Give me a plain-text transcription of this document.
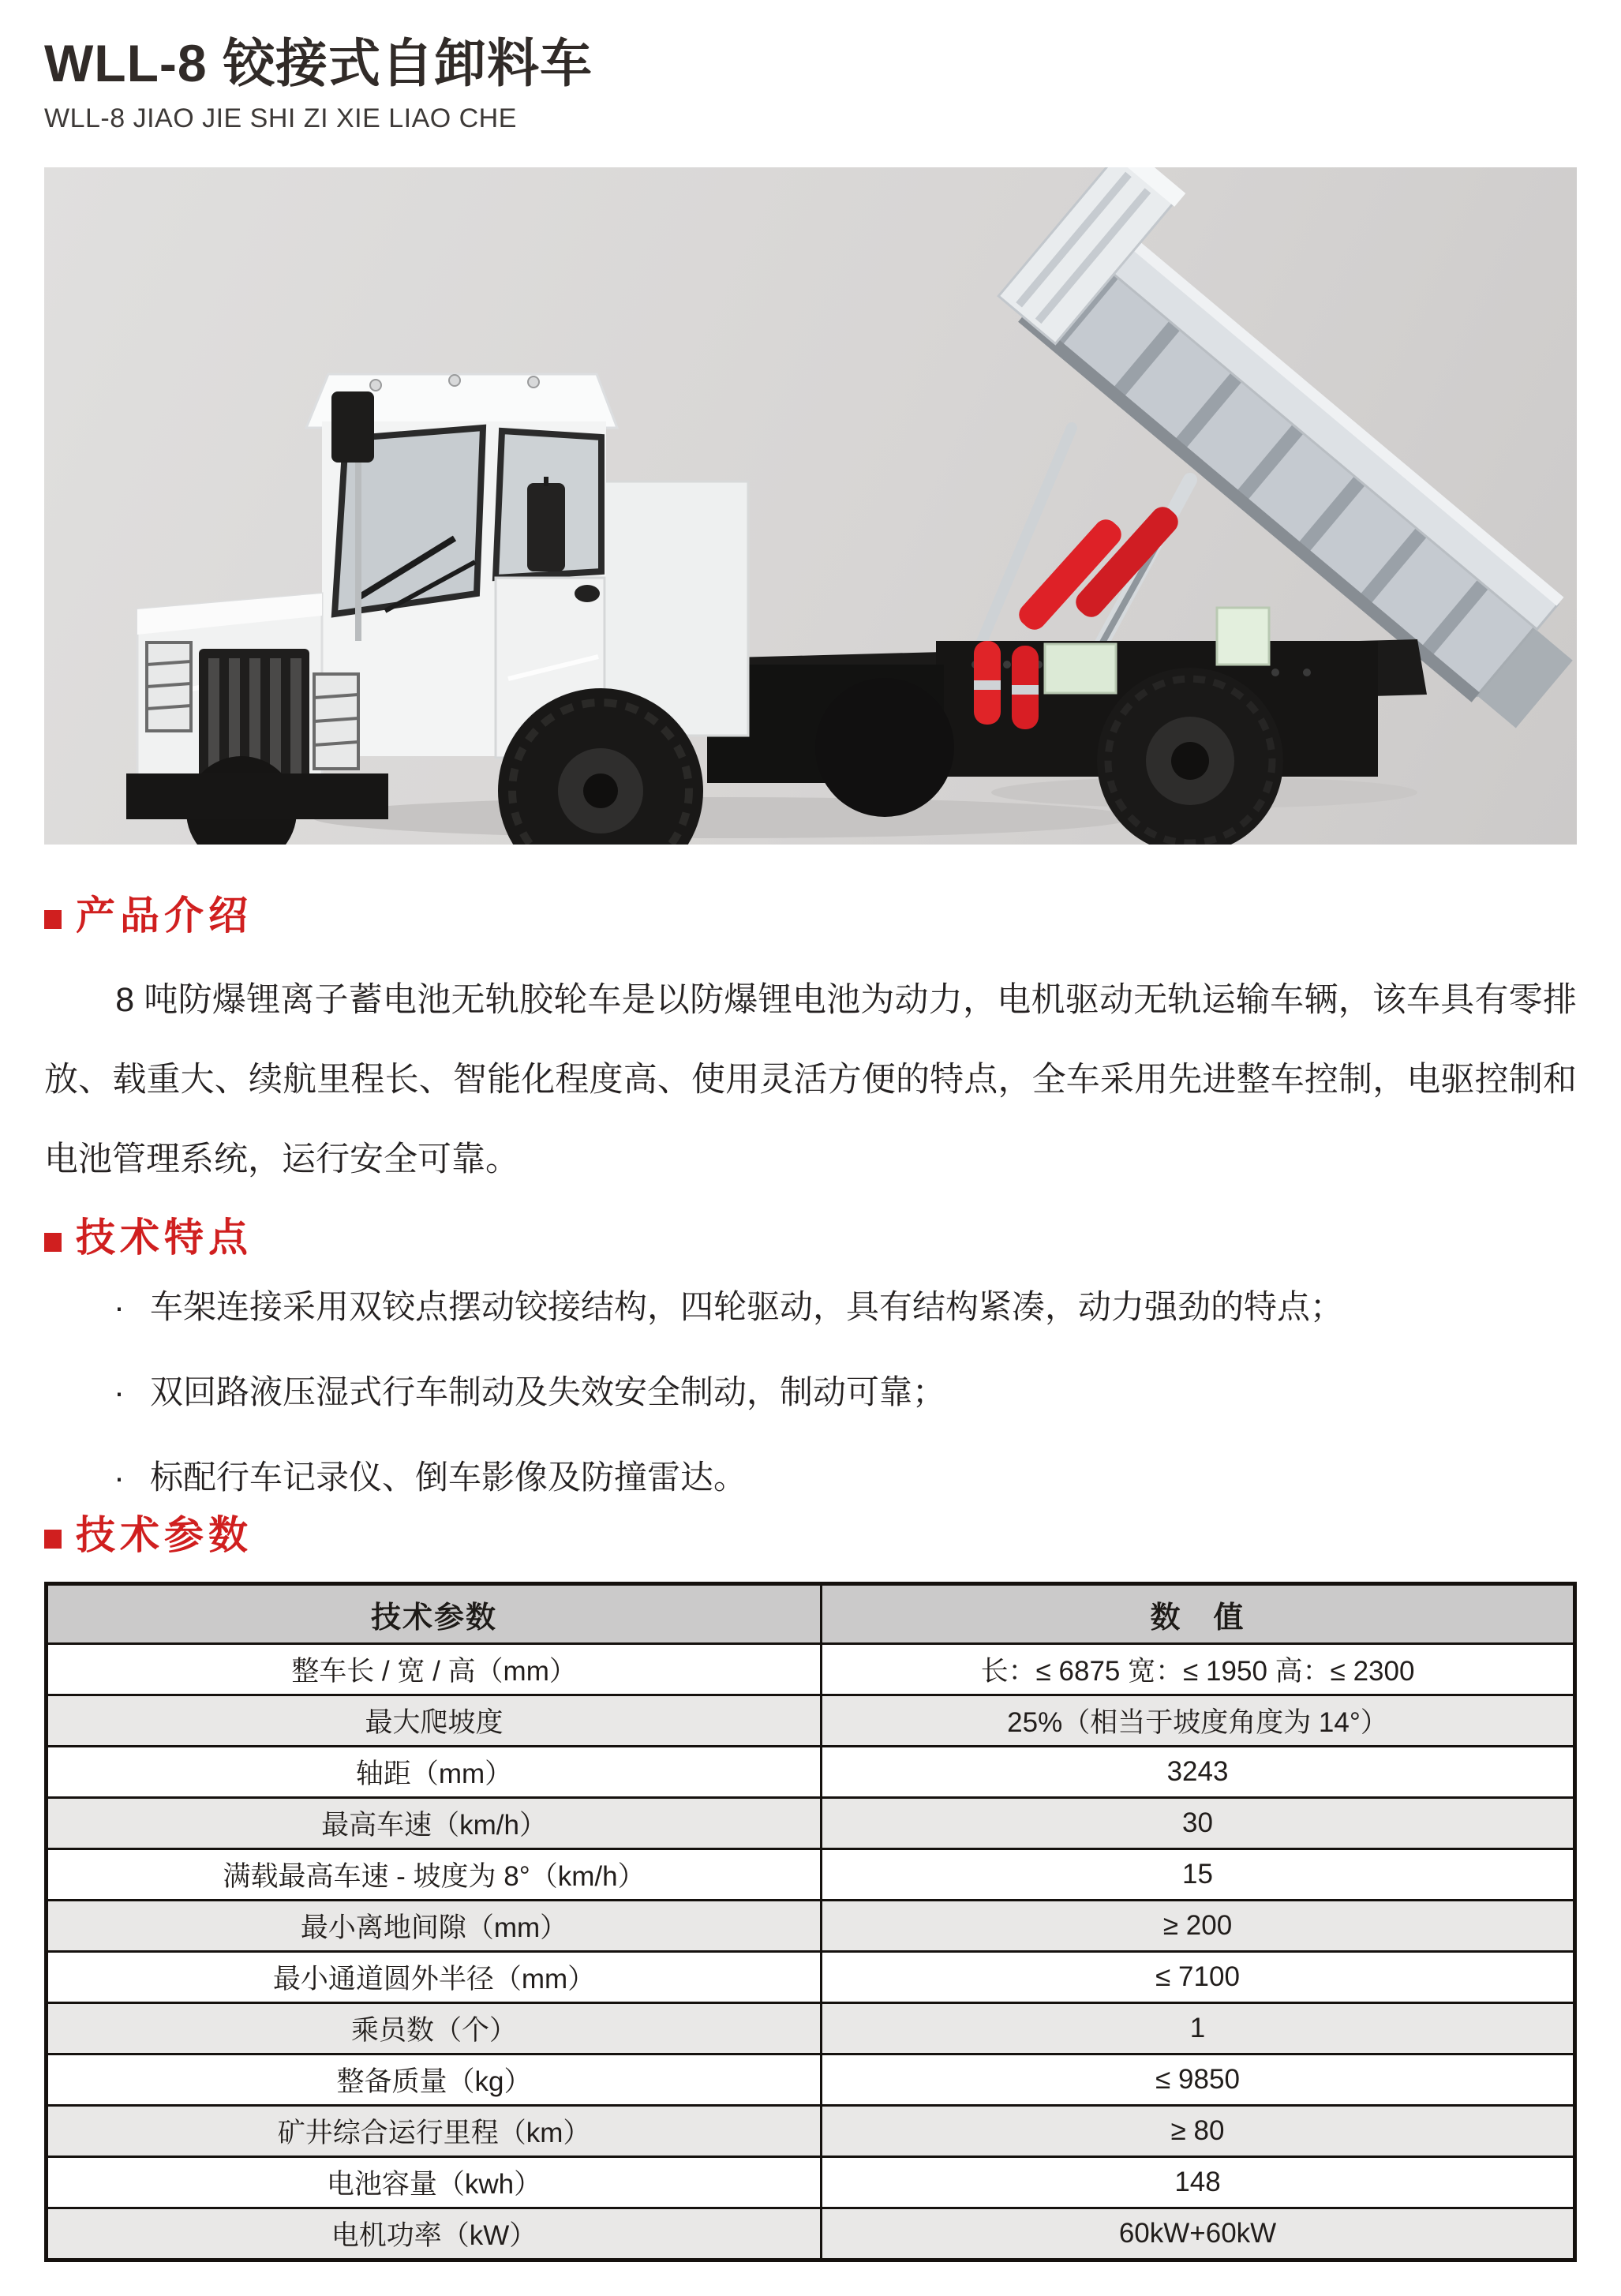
WLL-8 铰接式自卸料车
WLL-8 JIAO JIE SHI ZI XIE LIAO CHE
产品介绍

8 吨防爆锂离子蓄电池无轨胶轮车是以防爆锂电池为动力，电机驱动无轨运输车辆，该车具有零排放、载重大、续航里程长、智能化程度高、使用灵活方便的特点，全车采用先进整车控制，电驱控制和电池管理系统，运行安全可靠。

技术特点
· 车架连接采用双铰点摆动铰接结构，四轮驱动，具有结构紧凑，动力强劲的特点；
· 双回路液压湿式行车制动及失效安全制动，制动可靠；
· 标配行车记录仪、倒车影像及防撞雷达。
技术参数
技术参数	数　值
整车长 / 宽 / 高（mm）	长：≤ 6875 宽：≤ 1950 高：≤ 2300
最大爬坡度	25%（相当于坡度角度为 14°）
轴距（mm）	3243
最高车速（km/h）	30
满载最高车速 - 坡度为 8°（km/h）	15
最小离地间隙（mm）	≥ 200
最小通道圆外半径（mm）	≤ 7100
乘员数（个）	1
整备质量（kg）	≤ 9850
矿井综合运行里程（km）	≥ 80
电池容量（kwh）	148
电机功率（kW）	60kW+60kW
